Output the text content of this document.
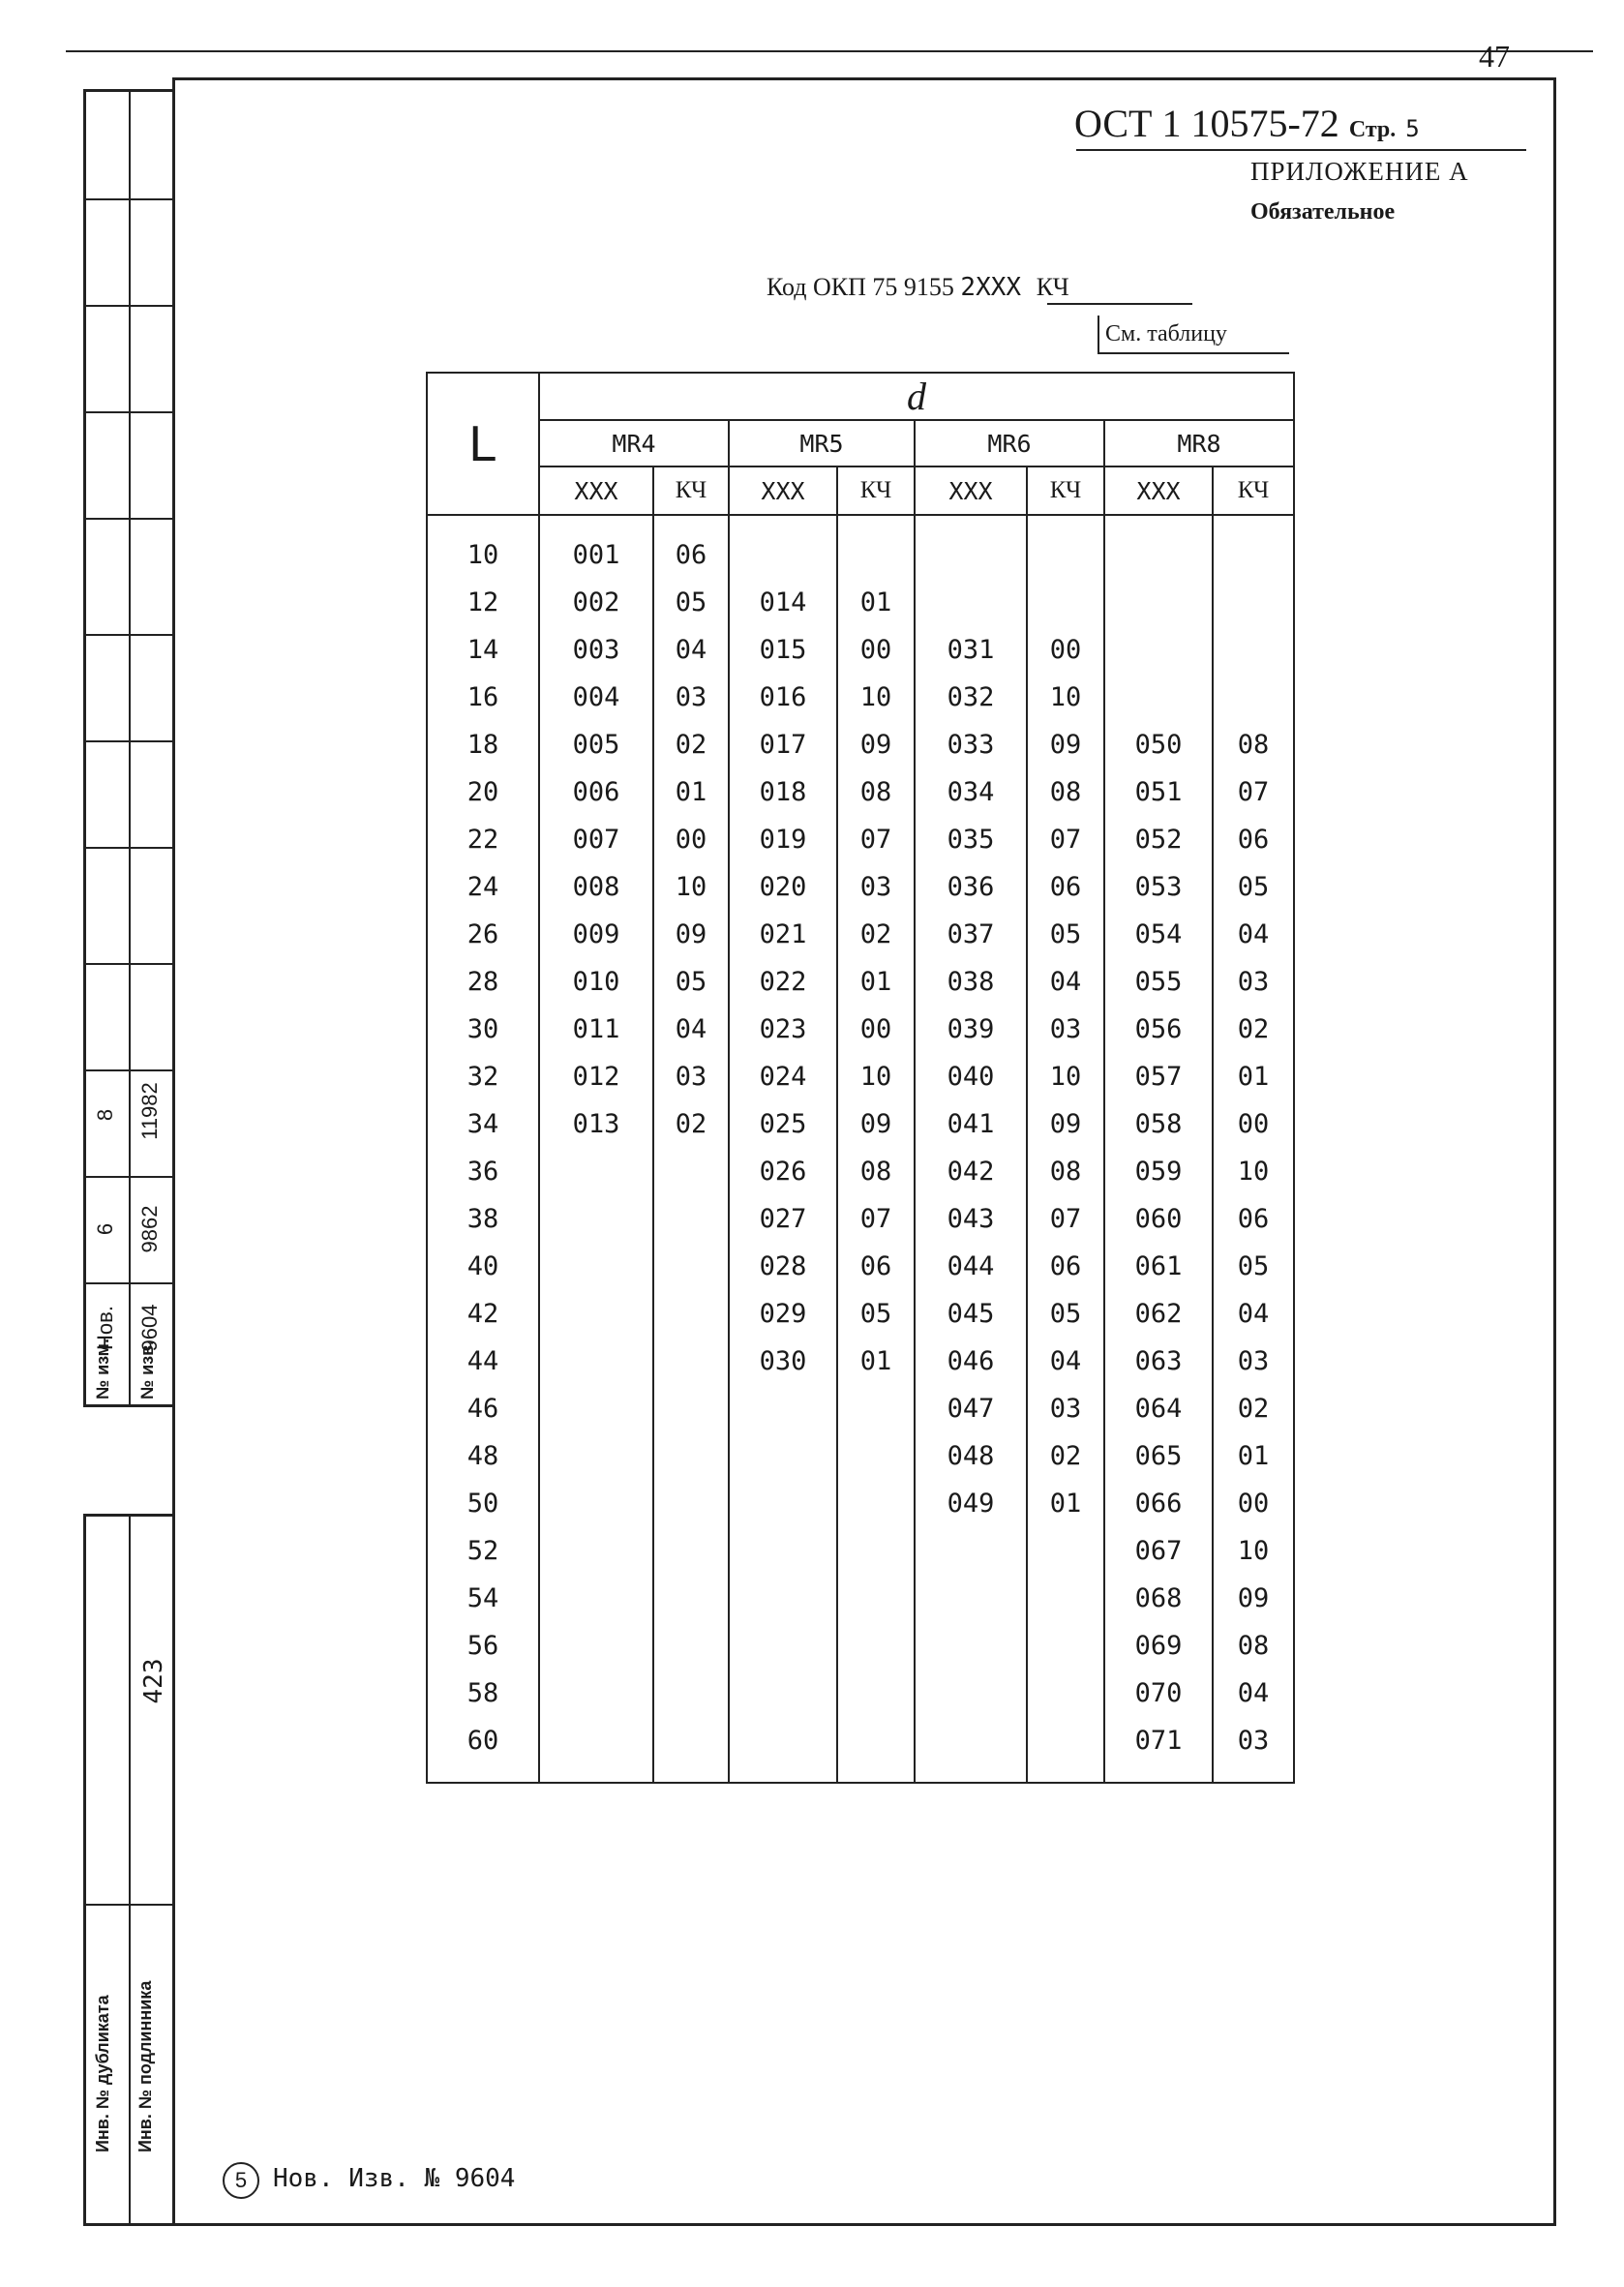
47
8
6
Нов.
№ изм.
11982
9862
9604
№ изв.
Инв. № дубликата	Инв. № подлинника
423
ОСТ 1 10575-72 Стр. 5
ПРИЛОЖЕНИЕ А
Обязательное
Код ОКП 75 9155 2XXX КЧ
См. таблицу
L	d							
	MR4		MR5		MR6		MR8	
	XXX	КЧ	XXX	КЧ	XXX	КЧ	XXX	КЧ
10	001	06						
12	002	05	014	01				
14	003	04	015	00	031	00		
16	004	03	016	10	032	10		
18	005	02	017	09	033	09	050	08
20	006	01	018	08	034	08	051	07
22	007	00	019	07	035	07	052	06
24	008	10	020	03	036	06	053	05
26	009	09	021	02	037	05	054	04
28	010	05	022	01	038	04	055	03
30	011	04	023	00	039	03	056	02
32	012	03	024	10	040	10	057	01
34	013	02	025	09	041	09	058	00
36			026	08	042	08	059	10
38			027	07	043	07	060	06
40			028	06	044	06	061	05
42			029	05	045	05	062	04
44			030	01	046	04	063	03
46					047	03	064	02
48					048	02	065	01
50					049	01	066	00
52							067	10
54							068	09
56							069	08
58							070	04
60							071	03
5	Нов. Изв. № 9604
